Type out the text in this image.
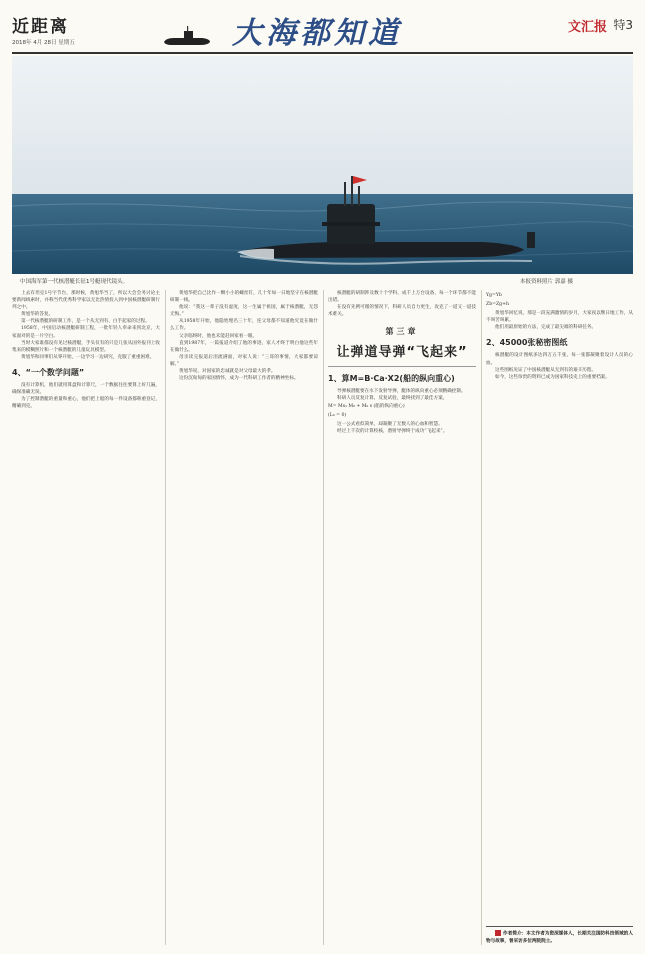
近距离
2018年 4月 28日 星期五	大海都知道	文汇报 特3
中国海军第一代核潜艇长征1号艇现代镜头。	本报资料照片 郭嘉 摄

上去有坦克1号字节台，那时候，黄旭华当了，所以大会会务讨论主要新闻线索时，并称当代优秀科学家以无比热情投入到中国核潜艇研制行列之中。

黄旭华的答复。

第一代核潜艇的研制工作，是一个从无到有、白手起家的过程。

1958年，中国启动核潜艇研制工程，一批年轻人奉命来到北京，大家面对的是一片空白。

当时大家谁都没有见过核潜艇，手头仅有的只是几张从国外报刊上收集来的模糊照片和一个核潜艇的儿童玩具模型。

黄旭华和同事们从零开始，一边学习一边研究，克服了重重困难。

4、“一个数学问题”

没有计算机，他们就用算盘和计算尺，一个数据往往要算上好几遍，确保准确无误。

为了控制潜艇的重量和重心，他们把上船的每一件设备都称重登记，精确到克。

黄旭华把自己比作一颗小小的螺丝钉，几十年如一日地坚守在核潜艇研制一线。

他说：“我这一辈子没有虚度，这一生属于祖国，属于核潜艇，无怨无悔。”

从1958年开始，他隐姓埋名三十年，连父母都不知道他究竟在做什么工作。

父亲临终时，他也未能赶回家看一眼。

直到1987年，一篇报道介绍了他的事迹，家人才终于明白他这些年在做什么。

母亲读完报道后泪流满面，对家人说：“三哥的事情，大家都要谅解。”

黄旭华说，对国家的忠诚就是对父母最大的孝。

这份沉甸甸的家国情怀，成为一代科研工作者的精神坐标。

核潜艇的研制涉及数十个学科、成千上万台设备，每一个环节都不能出错。

在没有先例可循的情况下，科研人员自力更生，攻克了一道又一道技术难关。

第三章
让弹道导弹“飞起来”
1、算M=B·Ca·X2(船的纵向重心)

导弹核潜艇要在水下发射导弹，艇体的纵向重心必须精确控制。

科研人员反复计算、反复试验，最终找到了最佳方案。

M= Ms₁ M₀ + M₀ s (船的纵向重心)

(L₀ = 0)

这一公式看似简单，却凝聚了无数人的心血和智慧。

经过上千次的计算校核，潜射导弹终于成功“飞起来”。

Yg=Yb

Zb=Zg+h

黄旭华回忆说，那是一段充满激情的岁月，大家夜以继日地工作，从不叫苦叫累。

他们用最原始的方法，完成了最尖端的科研任务。

2、45000张秘密图纸

核潜艇的设计图纸多达四万五千张，每一张都凝聚着设计人员的心血。

这些图纸见证了中国核潜艇从无到有的艰辛历程。

如今，这些珍贵的资料已成为国家科技史上的重要档案。

作者简介：本文作者为资深媒体人，长期关注国防科技领域的人物与故事，曾采访多位两院院士。
